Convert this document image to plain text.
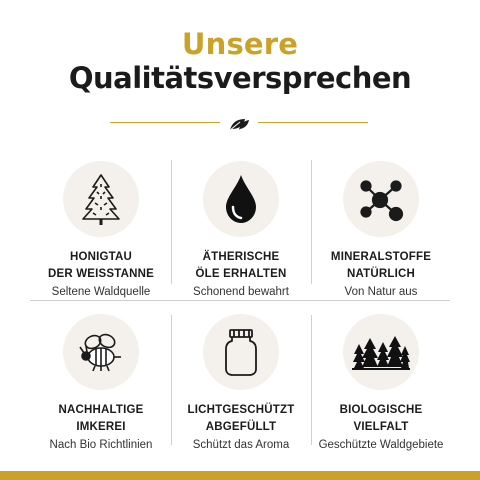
Unsere
Qualitätsversprechen
HONIGTAU
DER WEISSTANNE
Seltene Waldquelle
ÄTHERISCHE
ÖLE ERHALTEN
Schonend bewahrt
MINERALSTOFFE
NATÜRLICH
Von Natur aus
NACHHALTIGE
IMKEREI
Nach Bio Richtlinien
LICHTGESCHÜTZT
ABGEFÜLLT
Schützt das Aroma
BIOLOGISCHE
VIELFALT
Geschützte Waldgebiete
